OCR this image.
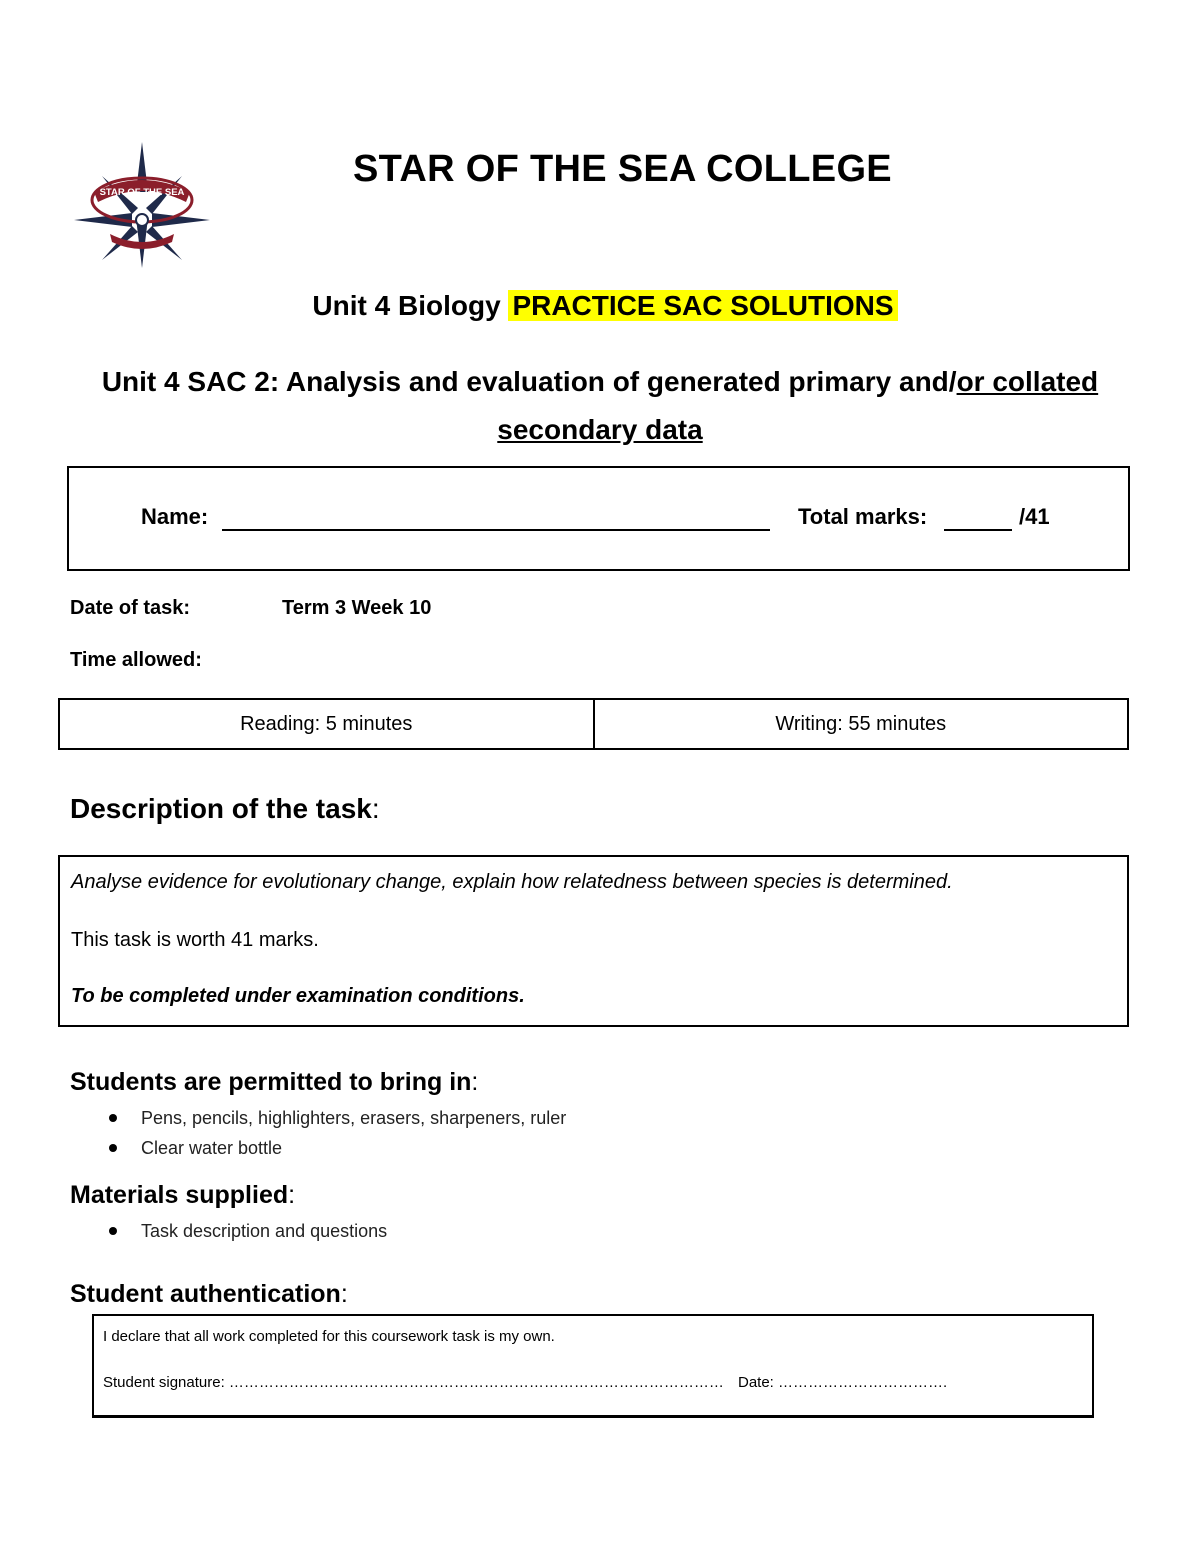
STAR OF THE SEA
STAR OF THE SEA COLLEGE
Unit 4 Biology PRACTICE SAC SOLUTIONS
Unit 4 SAC 2: Analysis and evaluation of generated primary and/or collated secondary data
Name:	Total marks:	/41
Date of task:	Term 3 Week 10
Time allowed:
Reading: 5 minutes	Writing: 55 minutes
Description of the task:
Analyse evidence for evolutionary change, explain how relatedness between species is determined.
This task is worth 41 marks.
To be completed under examination conditions.
Students are permitted to bring in:
Pens, pencils, highlighters, erasers, sharpeners, ruler
Clear water bottle
Materials supplied:
Task description and questions
Student authentication:
I declare that all work completed for this coursework task is my own.
Student signature: ……………………………………………………………………………………… Date: …………………………….
